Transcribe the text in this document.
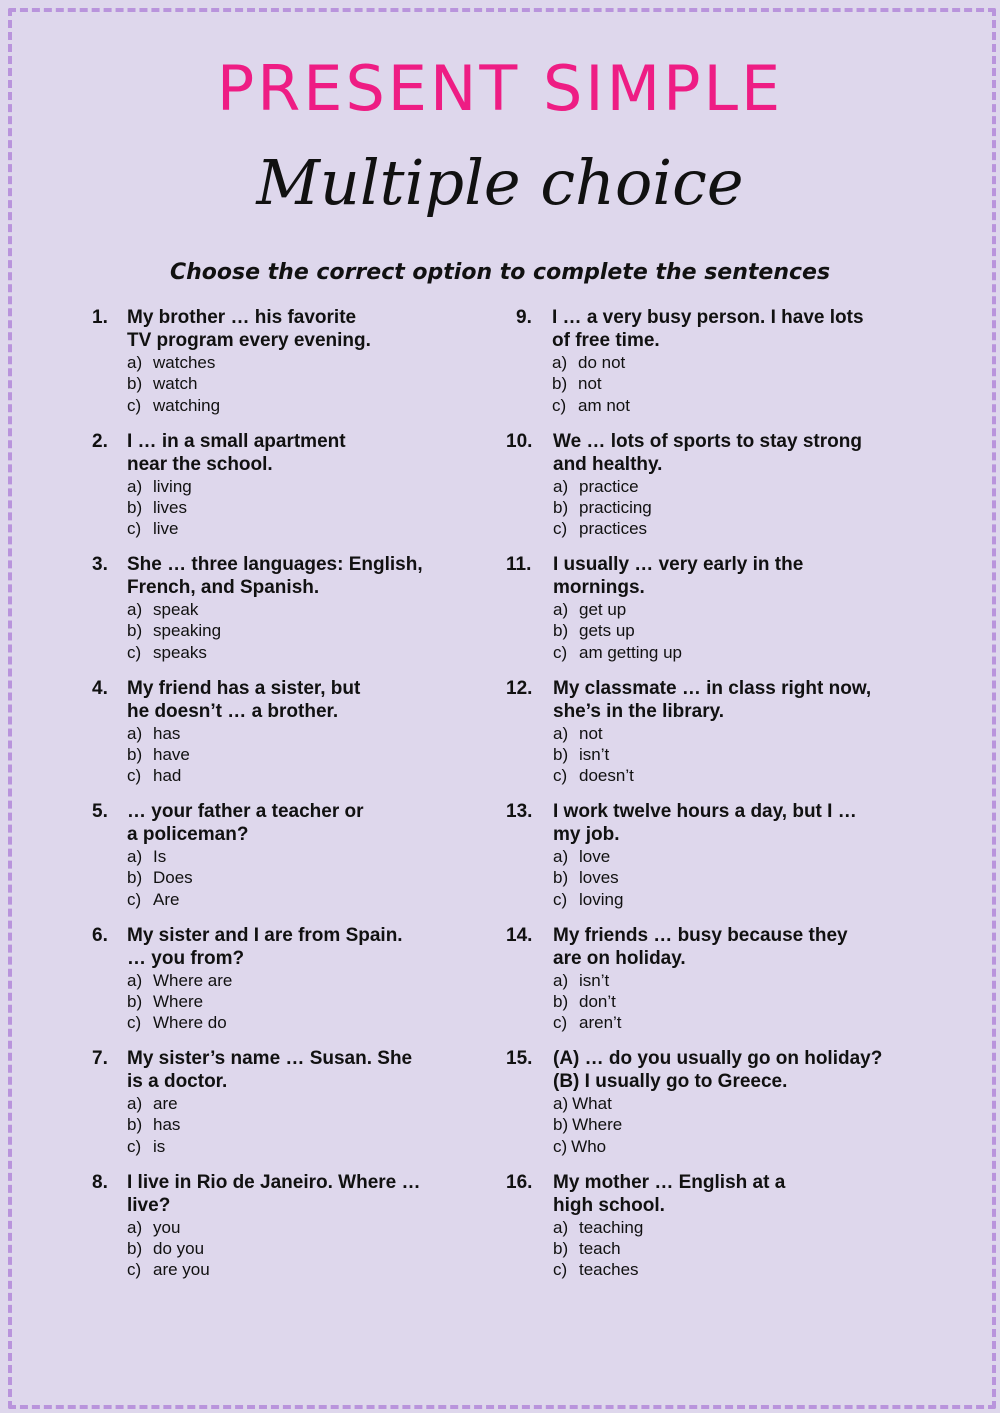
PRESENT SIMPLE
Multiple choice
Choose the correct option to complete the sentences
1.	My brother … his favorite
TV program every evening.
a) watches
b) watch
c) watching
2.	I … in a small apartment
near the school.
a) living
b) lives
c) live
3.	She … three languages: English,
French, and Spanish.
a) speak
b) speaking
c) speaks
4.	My friend has a sister, but
he doesn’t … a brother.
a) has
b) have
c) had
5.	… your father a teacher or
a policeman?
a) Is
b) Does
c) Are
6.	My sister and I are from Spain.
… you from?
a) Where are
b) Where
c) Where do
7.	My sister’s name … Susan. She
is a doctor.
a) are
b) has
c) is
8.	I live in Rio de Janeiro. Where …
live?
a) you
b) do you
c) are you
9.	I … a very busy person. I have lots
of free time.
a) do not
b) not
c) am not
10.	We … lots of sports to stay strong
and healthy.
a) practice
b) practicing
c) practices
11.	I usually … very early in the
mornings.
a) get up
b) gets up
c) am getting up
12.	My classmate … in class right now,
she’s in the library.
a) not
b) isn’t
c) doesn’t
13.	I work twelve hours a day, but I …
my job.
a) love
b) loves
c) loving
14.	My friends … busy because they
are on holiday.
a) isn’t
b) don’t
c) aren’t
15.	(A) … do you usually go on holiday?
(B) I usually go to Greece.
a) What
b) Where
c) Who
16.	My mother … English at a
high school.
a) teaching
b) teach
c) teaches
